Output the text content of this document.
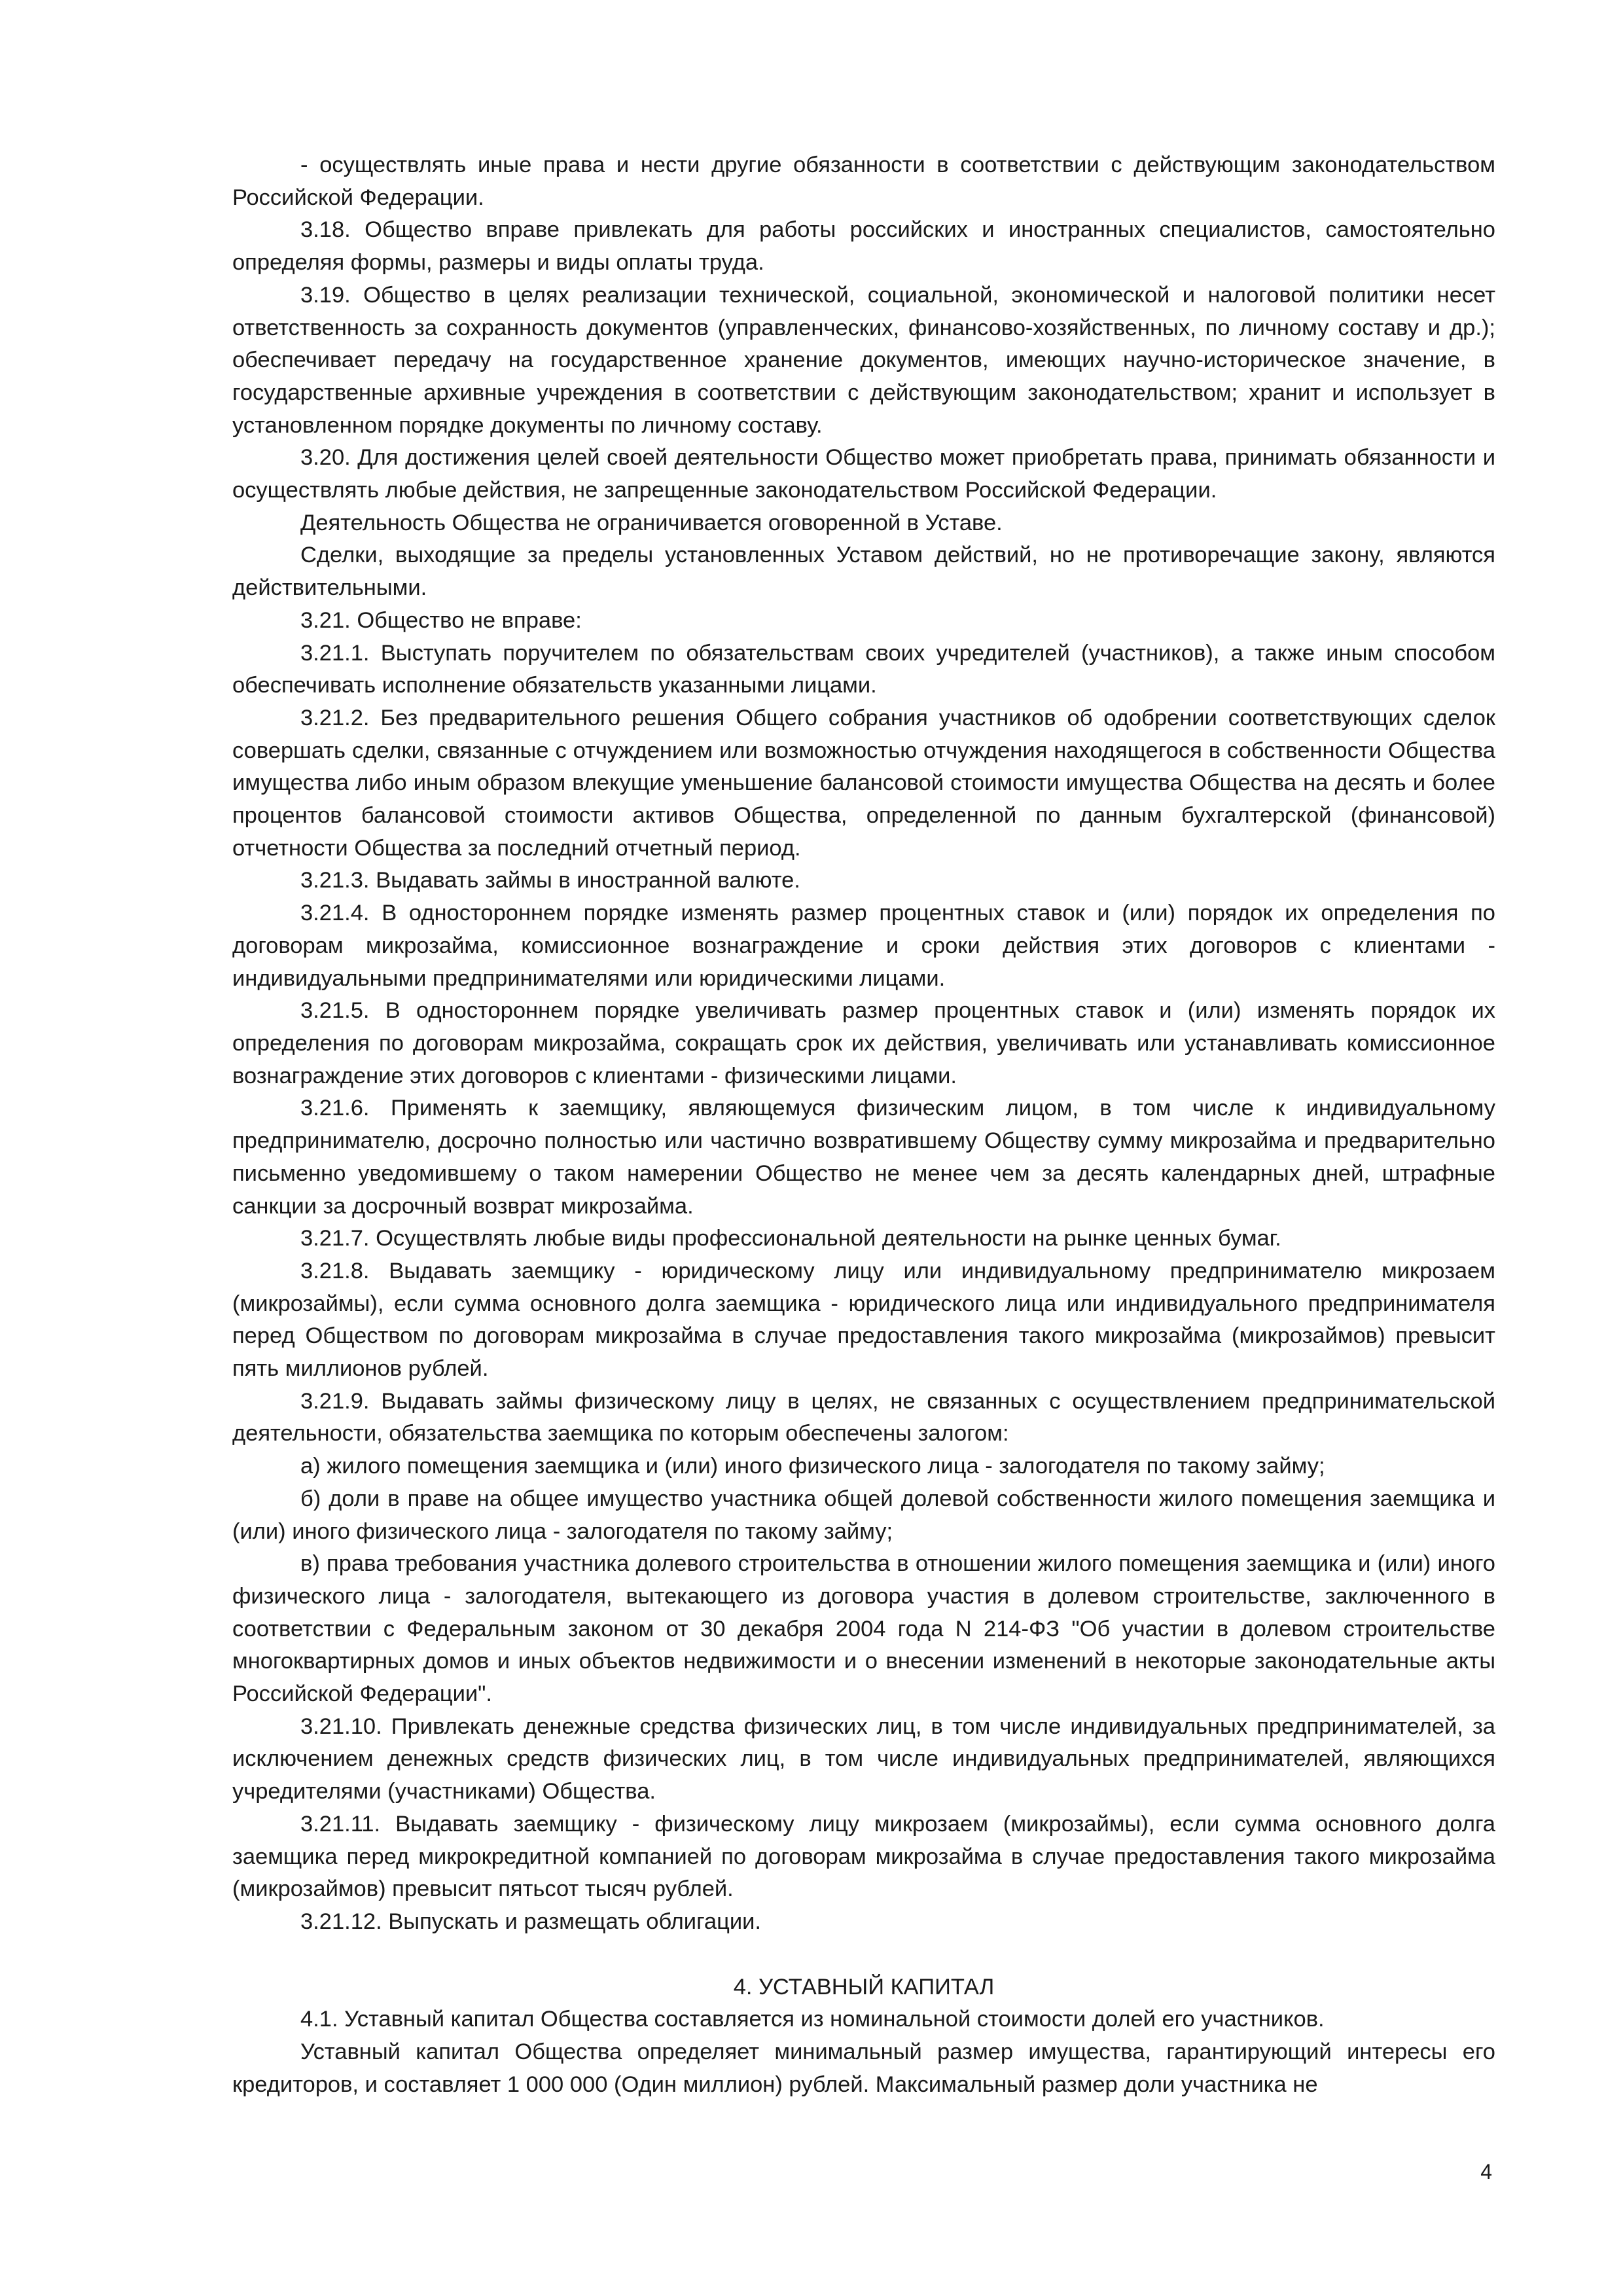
- осуществлять иные права и нести другие обязанности в соответствии с действующим законодательством Российской Федерации.

3.18. Общество вправе привлекать для работы российских и иностранных специалистов, самостоятельно определяя формы, размеры и виды оплаты труда.

3.19. Общество в целях реализации технической, социальной, экономической и налоговой политики несет ответственность за сохранность документов (управленческих, финансово-хозяйственных, по личному составу и др.); обеспечивает передачу на государственное хранение документов, имеющих научно-историческое значение, в государственные архивные учреждения в соответствии с действующим законодательством; хранит и использует в установленном порядке документы по личному составу.

3.20. Для достижения целей своей деятельности Общество может приобретать права, принимать обязанности и осуществлять любые действия, не запрещенные законодательством Российской Федерации.

Деятельность Общества не ограничивается оговоренной в Уставе.

Сделки, выходящие за пределы установленных Уставом действий, но не противоречащие закону, являются действительными.

3.21. Общество не вправе:

3.21.1. Выступать поручителем по обязательствам своих учредителей (участников), а также иным способом обеспечивать исполнение обязательств указанными лицами.

3.21.2. Без предварительного решения Общего собрания участников об одобрении соответствующих сделок совершать сделки, связанные с отчуждением или возможностью отчуждения находящегося в собственности Общества имущества либо иным образом влекущие уменьшение балансовой стоимости имущества Общества на десять и более процентов балансовой стоимости активов Общества, определенной по данным бухгалтерской (финансовой) отчетности Общества за последний отчетный период.

3.21.3. Выдавать займы в иностранной валюте.

3.21.4. В одностороннем порядке изменять размер процентных ставок и (или) порядок их определения по договорам микрозайма, комиссионное вознаграждение и сроки действия этих договоров с клиентами - индивидуальными предпринимателями или юридическими лицами.

3.21.5. В одностороннем порядке увеличивать размер процентных ставок и (или) изменять порядок их определения по договорам микрозайма, сокращать срок их действия, увеличивать или устанавливать комиссионное вознаграждение этих договоров с клиентами - физическими лицами.

3.21.6. Применять к заемщику, являющемуся физическим лицом, в том числе к индивидуальному предпринимателю, досрочно полностью или частично возвратившему Обществу сумму микрозайма и предварительно письменно уведомившему о таком намерении Общество не менее чем за десять календарных дней, штрафные санкции за досрочный возврат микрозайма.

3.21.7. Осуществлять любые виды профессиональной деятельности на рынке ценных бумаг.

3.21.8. Выдавать заемщику - юридическому лицу или индивидуальному предпринимателю микрозаем (микрозаймы), если сумма основного долга заемщика - юридического лица или индивидуального предпринимателя перед Обществом по договорам микрозайма в случае предоставления такого микрозайма (микрозаймов) превысит пять миллионов рублей.

3.21.9. Выдавать займы физическому лицу в целях, не связанных с осуществлением предпринимательской деятельности, обязательства заемщика по которым обеспечены залогом:

а) жилого помещения заемщика и (или) иного физического лица - залогодателя по такому займу;

б) доли в праве на общее имущество участника общей долевой собственности жилого помещения заемщика и (или) иного физического лица - залогодателя по такому займу;

в) права требования участника долевого строительства в отношении жилого помещения заемщика и (или) иного физического лица - залогодателя, вытекающего из договора участия в долевом строительстве, заключенного в соответствии с Федеральным законом от 30 декабря 2004 года N 214-ФЗ "Об участии в долевом строительстве многоквартирных домов и иных объектов недвижимости и о внесении изменений в некоторые законодательные акты Российской Федерации".

3.21.10. Привлекать денежные средства физических лиц, в том числе индивидуальных предпринимателей, за исключением денежных средств физических лиц, в том числе индивидуальных предпринимателей, являющихся учредителями (участниками) Общества.

3.21.11. Выдавать заемщику - физическому лицу микрозаем (микрозаймы), если сумма основного долга заемщика перед микрокредитной компанией по договорам микрозайма в случае предоставления такого микрозайма (микрозаймов) превысит пятьсот тысяч рублей.

3.21.12. Выпускать и размещать облигации.

4. УСТАВНЫЙ КАПИТАЛ

4.1. Уставный капитал Общества составляется из номинальной стоимости долей его участников.

Уставный капитал Общества определяет минимальный размер имущества, гарантирующий интересы его кредиторов, и составляет 1 000 000 (Один миллион) рублей. Максимальный размер доли участника не

4
